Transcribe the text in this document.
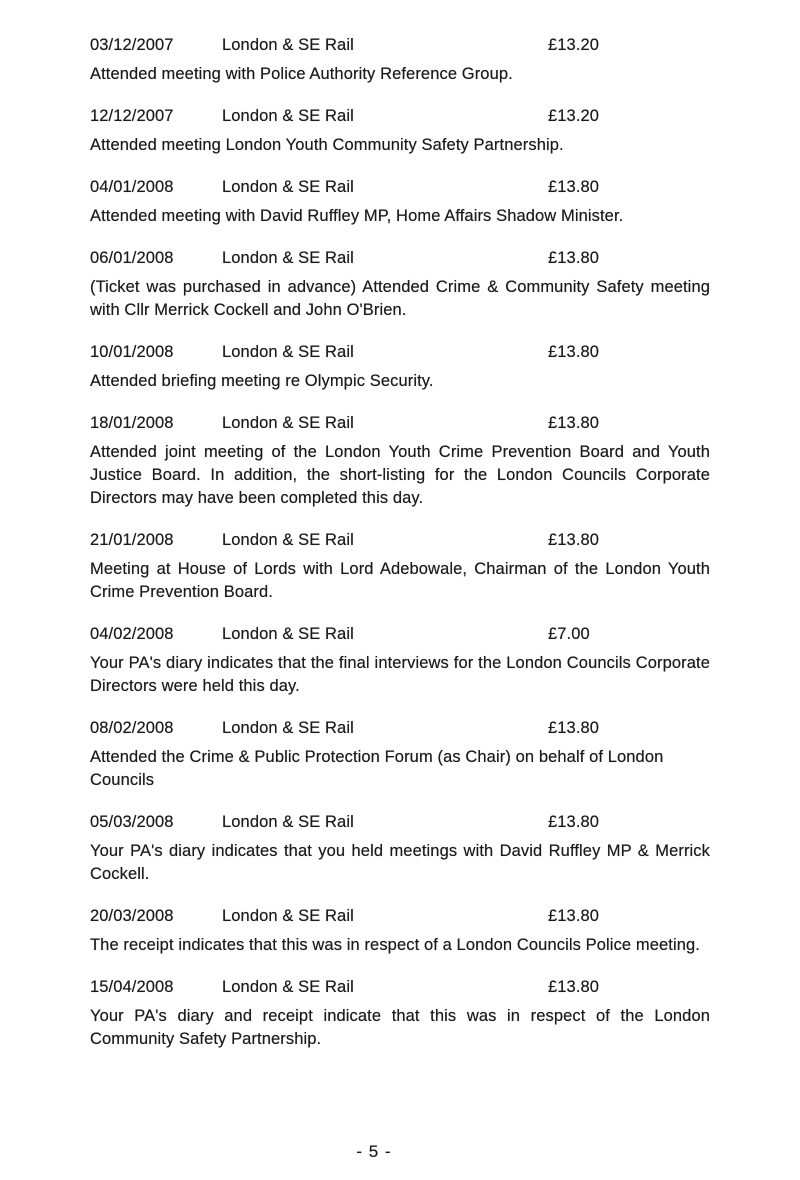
03/12/2007	London & SE Rail	£13.20
Attended meeting with Police Authority Reference Group.
12/12/2007	London & SE Rail	£13.20
Attended meeting London Youth Community Safety Partnership.
04/01/2008	London & SE Rail	£13.80
Attended meeting with David Ruffley MP, Home Affairs Shadow Minister.
06/01/2008	London & SE Rail	£13.80
(Ticket was purchased in advance) Attended Crime & Community Safety meeting with Cllr Merrick Cockell and John O'Brien.
10/01/2008	London & SE Rail	£13.80
Attended briefing meeting re Olympic Security.
18/01/2008	London & SE Rail	£13.80
Attended joint meeting of the London Youth Crime Prevention Board and Youth Justice Board. In addition, the short-listing for the London Councils Corporate Directors may have been completed this day.
21/01/2008	London & SE Rail	£13.80
Meeting at House of Lords with Lord Adebowale, Chairman of the London Youth Crime Prevention Board.
04/02/2008	London & SE Rail	£7.00
Your PA's diary indicates that the final interviews for the London Councils Corporate Directors were held this day.
08/02/2008	London & SE Rail	£13.80
Attended the Crime & Public Protection Forum (as Chair) on behalf of London Councils
05/03/2008	London & SE Rail	£13.80
Your PA's diary indicates that you held meetings with David Ruffley MP & Merrick Cockell.
20/03/2008	London & SE Rail	£13.80
The receipt indicates that this was in respect of a London Councils Police meeting.
15/04/2008	London & SE Rail	£13.80
Your PA's diary and receipt indicate that this was in respect of the London Community Safety Partnership.
- 5 -
